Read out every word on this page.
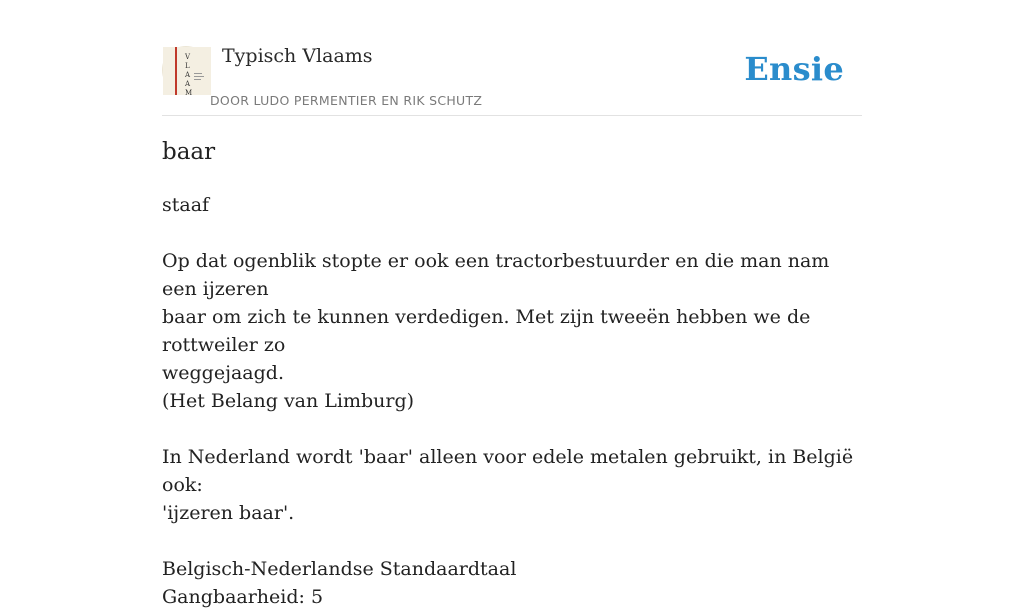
V
L
A
A
M
Typisch Vlaams
DOOR LUDO PERMENTIER EN RIK SCHUTZ
Ensie
baar

staaf

Op dat ogenblik stopte er ook een tractorbestuurder en die man nam een ijzeren

baar om zich te kunnen verdedigen. Met zijn tweeën hebben we de rottweiler zo

weggejaagd.

(Het Belang van Limburg)

In Nederland wordt 'baar' alleen voor edele metalen gebruikt, in België ook:

'ijzeren baar'.

Belgisch-Nederlandse Standaardtaal

Gangbaarheid: 5
